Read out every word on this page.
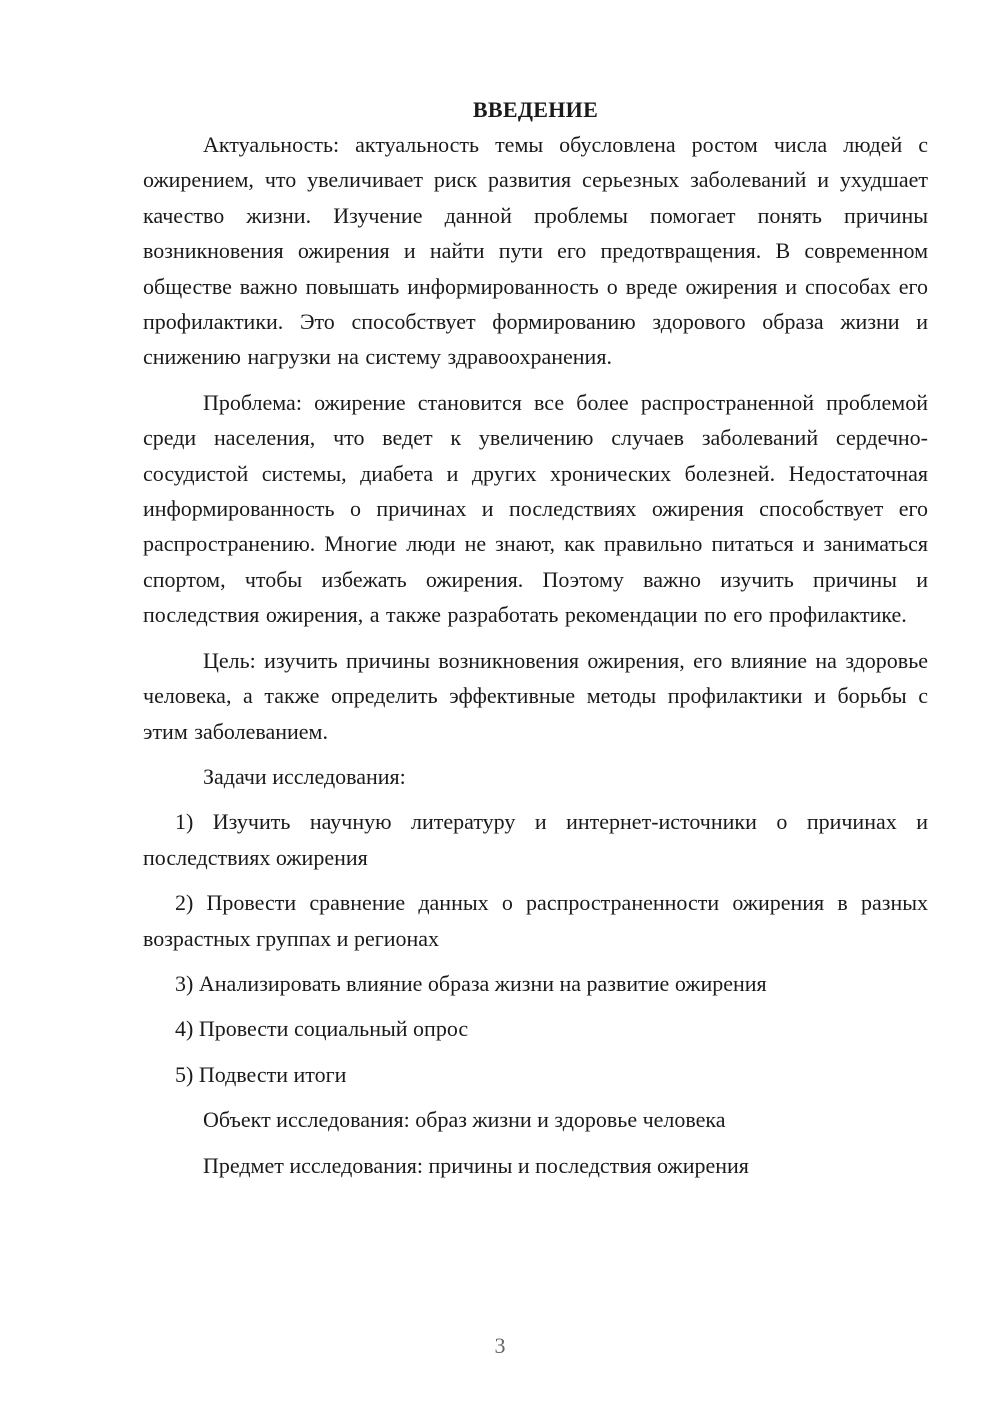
ВВЕДЕНИЕ

Актуальность: актуальность темы обусловлена ростом числа людей с ожирением, что увеличивает риск развития серьезных заболеваний и ухудшает качество жизни. Изучение данной проблемы помогает понять причины возникновения ожирения и найти пути его предотвращения. В современном обществе важно повышать информированность о вреде ожирения и способах его профилактики. Это способствует формированию здорового образа жизни и снижению нагрузки на систему здравоохранения.

Проблема: ожирение становится все более распространенной проблемой среди населения, что ведет к увеличению случаев заболеваний сердечно-сосудистой системы, диабета и других хронических болезней. Недостаточная информированность о причинах и последствиях ожирения способствует его распространению. Многие люди не знают, как правильно питаться и заниматься спортом, чтобы избежать ожирения. Поэтому важно изучить причины и последствия ожирения, а также разработать рекомендации по его профилактике.

Цель: изучить причины возникновения ожирения, его влияние на здоровье человека, а также определить эффективные методы профилактики и борьбы с этим заболеванием.

Задачи исследования:

1) Изучить научную литературу и интернет-источники о причинах и последствиях ожирения

2) Провести сравнение данных о распространенности ожирения в разных возрастных группах и регионах

3) Анализировать влияние образа жизни на развитие ожирения

4) Провести социальный опрос

5) Подвести итоги

Объект исследования: образ жизни и здоровье человека

Предмет исследования: причины и последствия ожирения

3
